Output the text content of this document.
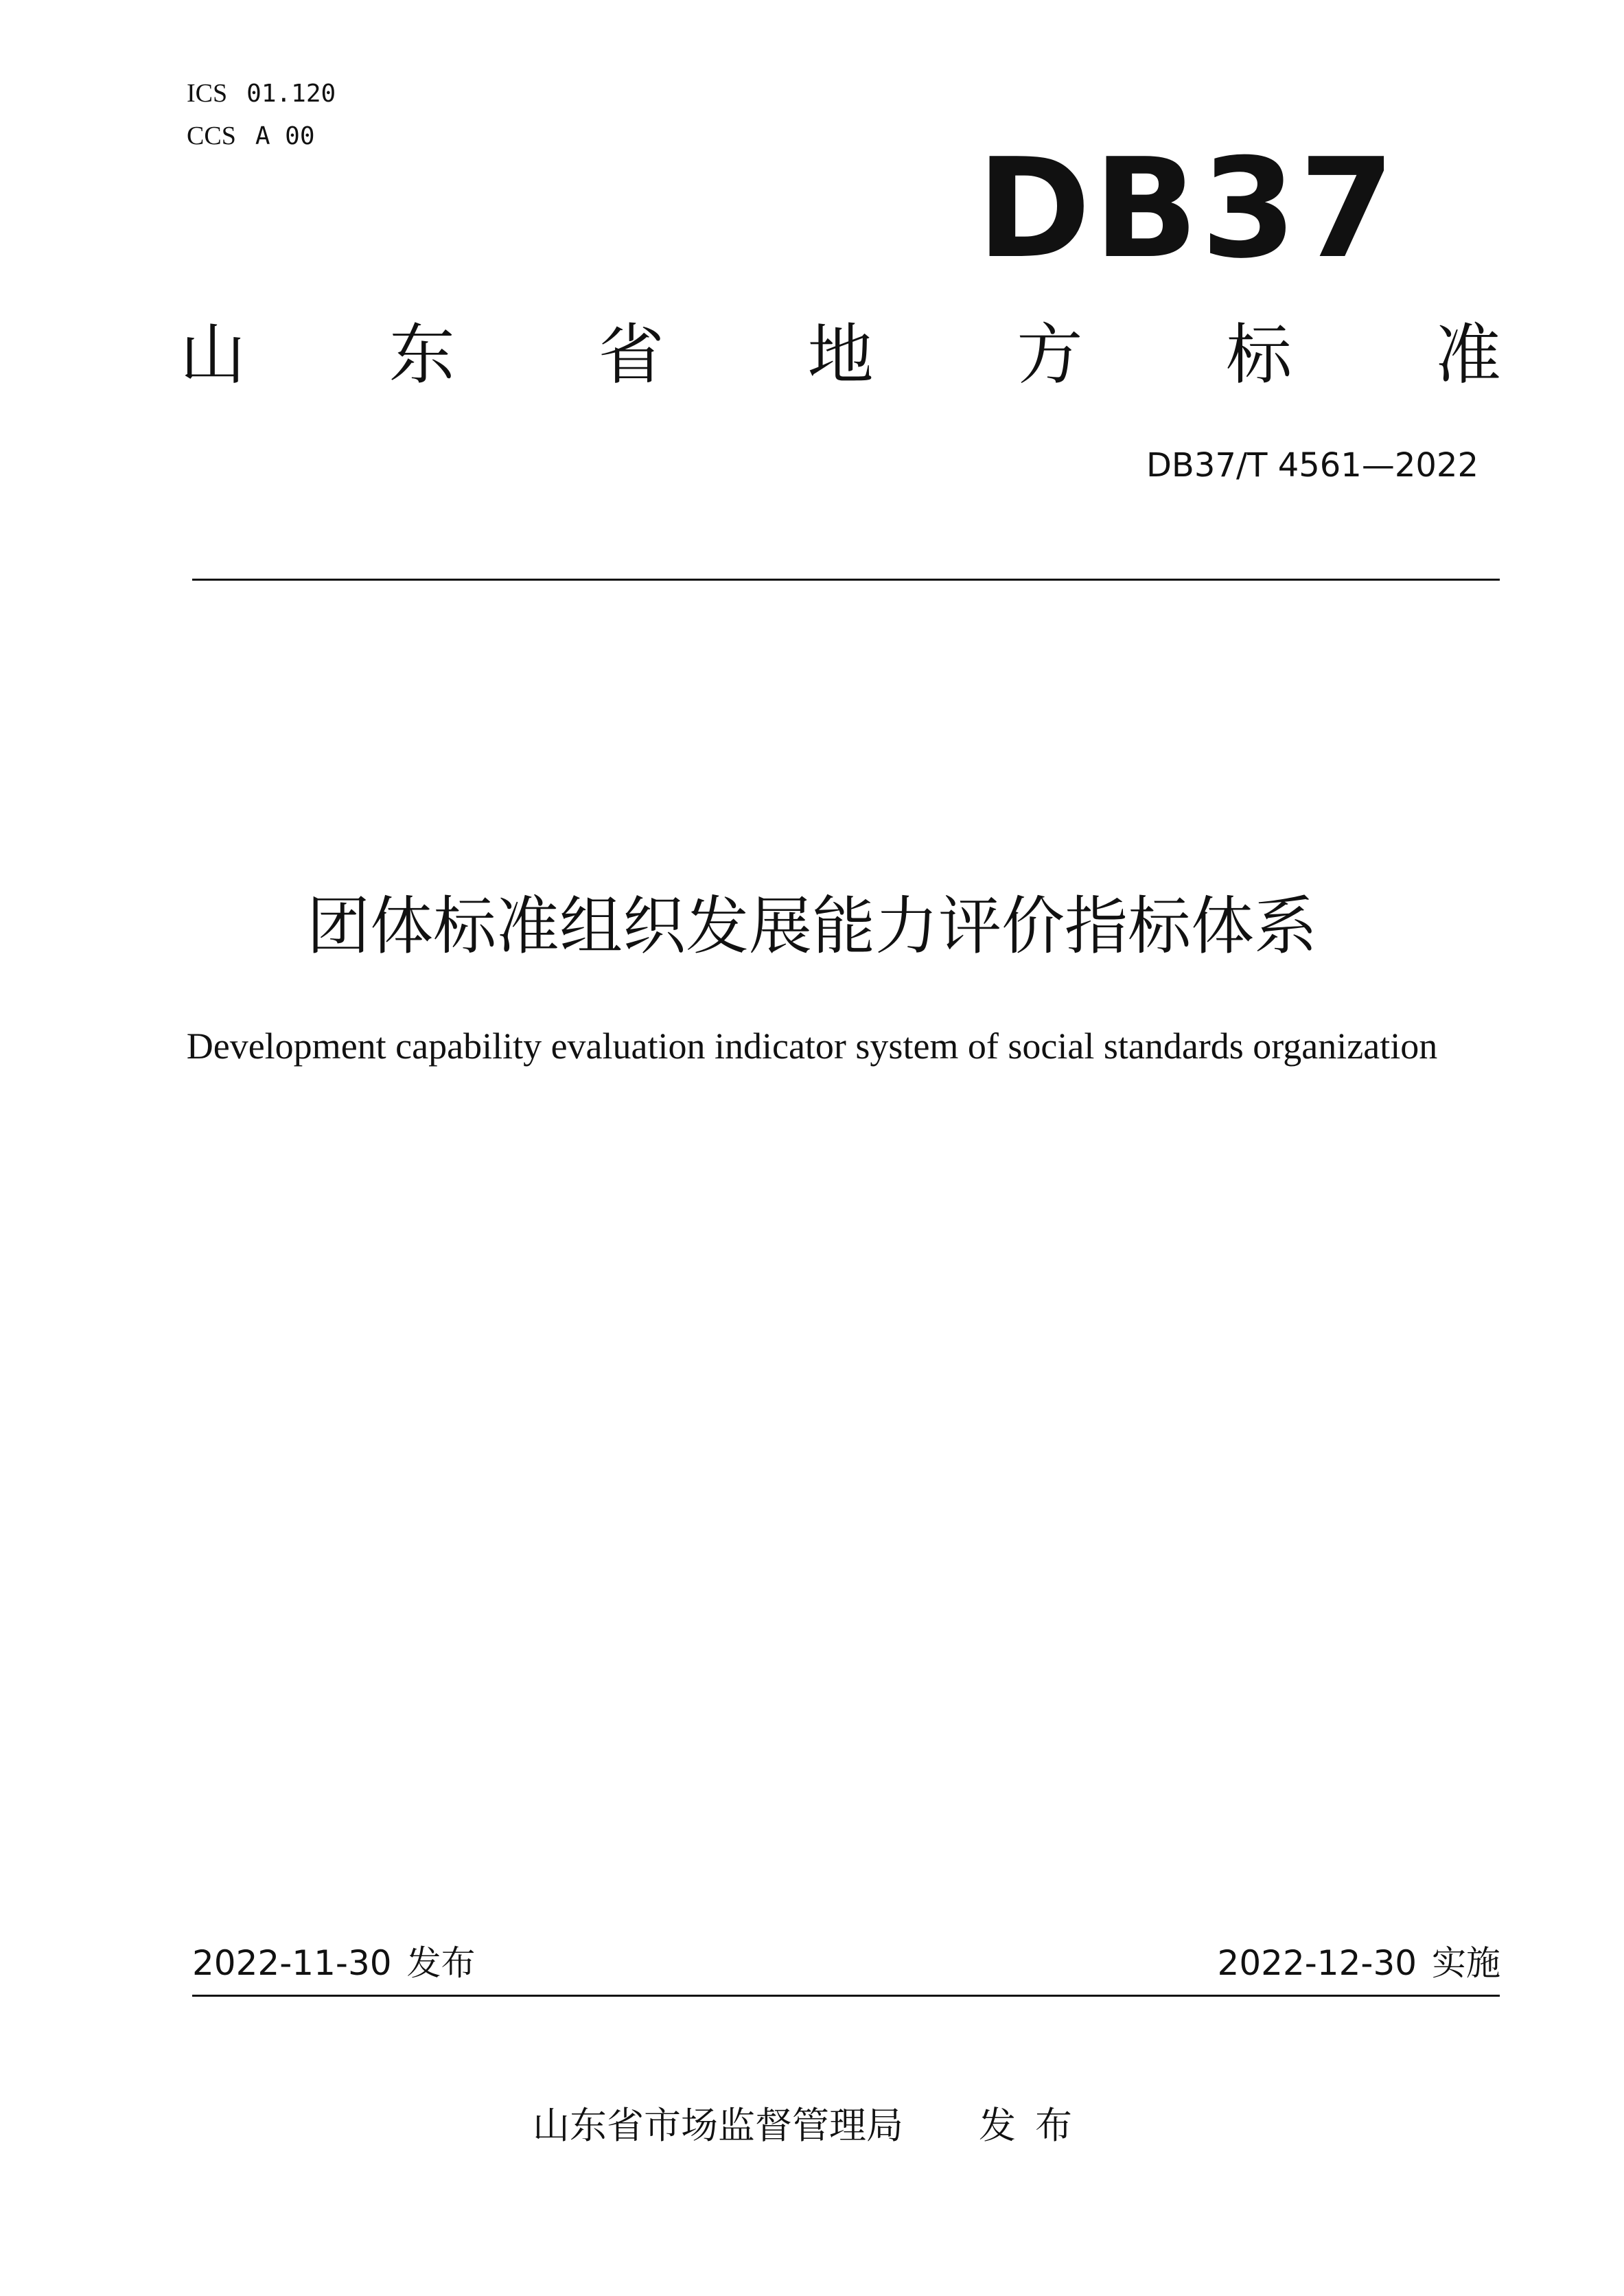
ICS 01.120
CCS A 00	DB37
山 东 省 地 方 标 准
DB37/T 4561—2022
团体标准组织发展能力评价指标体系
Development capability evaluation indicator system of social standards organization
2022-11-30 发布	2022-12-30 实施
山东省市场监督管理局 发布
